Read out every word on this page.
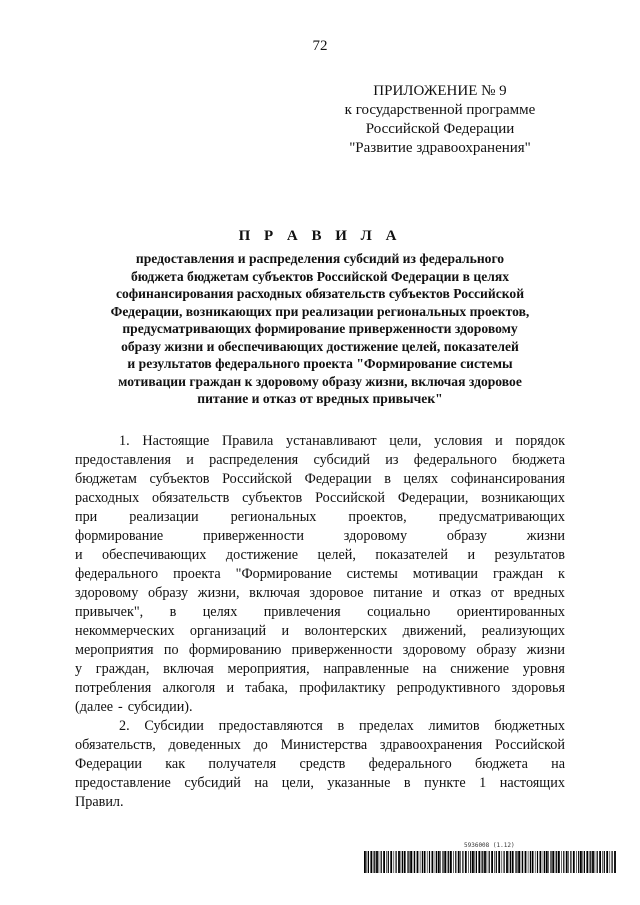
72
ПРИЛОЖЕНИЕ № 9
к государственной программе
Российской Федерации
"Развитие здравоохранения"
П Р А В И Л А
предоставления и распределения субсидий из федерального
бюджета бюджетам субъектов Российской Федерации в целях
софинансирования расходных обязательств субъектов Российской
Федерации, возникающих при реализации региональных проектов,
предусматривающих формирование приверженности здоровому
образу жизни и обеспечивающих достижение целей, показателей
и результатов федерального проекта "Формирование системы
мотивации граждан к здоровому образу жизни, включая здоровое
питание и отказ от вредных привычек"
1. Настоящие Правила устанавливают цели, условия и порядок
предоставления и распределения субсидий из федерального бюджета
бюджетам субъектов Российской Федерации в целях софинансирования
расходных обязательств субъектов Российской Федерации, возникающих
при реализации региональных проектов, предусматривающих
формирование	приверженности	здоровому	образу	жизни
и обеспечивающих достижение целей, показателей и результатов
федерального проекта "Формирование системы мотивации граждан к
здоровому образу жизни, включая здоровое питание и отказ от вредных
привычек", в целях привлечения социально ориентированных
некоммерческих организаций и волонтерских движений, реализующих
мероприятия по формированию приверженности здоровому образу жизни
у граждан, включая мероприятия, направленные на снижение уровня
потребления алкоголя и табака, профилактику репродуктивного здоровья
(далее - субсидии).
2. Субсидии предоставляются в пределах лимитов бюджетных
обязательств, доведенных до Министерства здравоохранения Российской
Федерации как получателя средств федерального бюджета на
предоставление субсидий на цели, указанные в пункте 1 настоящих
Правил.
5936008 (1.12)
